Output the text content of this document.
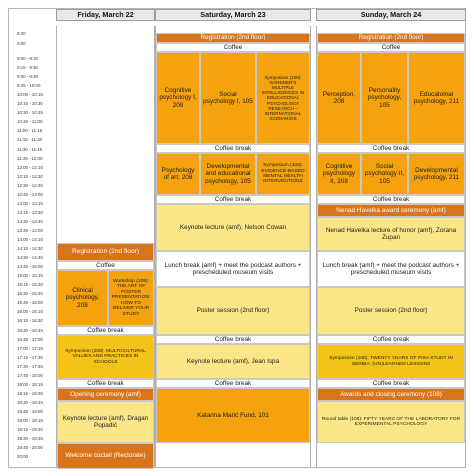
8:30
9:00
9:00 - 9:15
9:15 - 9:30
9:30 - 9:45
9:45 - 10:00
10:00 - 10:15
10:15 - 10:30
10:30 - 10:45
10:45 - 11:00
11:00 - 11:15
11:15 - 11:30
11:30 - 11:45
11:45 - 12:00
12:00 - 12:15
12:15 - 12:30
12:30 - 12:45
12:45 - 13:00
13:00 - 13:15
13:15 - 13:30
13:30 - 13:45
13:45 - 14:00
14:00 - 14:15
14:15 - 14:30
14:30 - 14:45
14:45 - 15:00
15:00 - 15:15
15:15 - 15:30
15:30 - 15:45
15:45 - 16:00
16:00 - 16:15
16:15 - 16:30
16:30 - 16:45
16:45 - 17:00
17:00 - 17:15
17:15 - 17:30
17:30 - 17:45
17:45 - 18:00
18:00 - 18:15
18:15 - 18:30
18:30 - 18:45
18:45 - 19:00
19:00 - 19:15
19:15 - 19:30
19:30 - 19:45
19:45 - 20:00
20:00
Friday, March 22
Registration (2nd floor)
Coffee
Clinical psychology, 208
Workshop (108): THE ART OF POSTER PRESENTATION: HOW TO DELIVER YOUR STUDY
Coffee break
Symposium (208): MULTICULTURAL VALUES AND PRACTICES IN SCHOOLS
Coffee break
Opening ceremony (amf)
Keynote lecture (amf), Dragan Popadić
Welcome coctail (Rectorate)
Saturday, March 23
Registration (2nd floor)
Coffee
Cognitive psychology I, 208
Social psychology I, 105
Symposium (108): GARDNER'S MULTIPLE INTELLIGENCES IN EDUCATIONAL PSYCHOLOGY RESEARCH – INTERNATIONAL SCENARIOS
Coffee break
Psychology of art, 208
Developmental and educational psychology, 105
Symposium (108): EVIDENCE-BASED MENTAL HEALTH INTERVENTIONS
Coffee break
Keynote lecture (amf), Nelson Cowan
Lunch break (amf) + meet the podcast authors + prescheduled museum visits
Poster session (2nd floor)
Coffee break
Keynote lecture (amf), Jean Ispa
Coffee break
Katarina Marić Fund, 101
Sunday, March 24
Registration (2nd floor)
Coffee
Perception, 208
Personality psychology, 105
Educatoinal psychology, 211
Coffee break
Cognitive psychology II, 208
Social psychology II, 105
Developmental psychology, 211
Coffee break
Nenad Havelka award ceremony (amf)
Nenad Havelka lecture of honor (amf), Zorana Zupan
Lunch break (amf) + meet the podcast authors + prescheduled museum visits
Poster session (2nd floor)
Coffee break
Symposium (108): TWENTY YEARS OF PISA STUDY IN SERBIA: (UN)LEARNED LESSONS
Coffee break
Awards and closing ceremony (108)
Round table (108): FIFTY YEARS OF THE LABORATORY FOR EXPERIMENTAL PSYCHOLOGY
